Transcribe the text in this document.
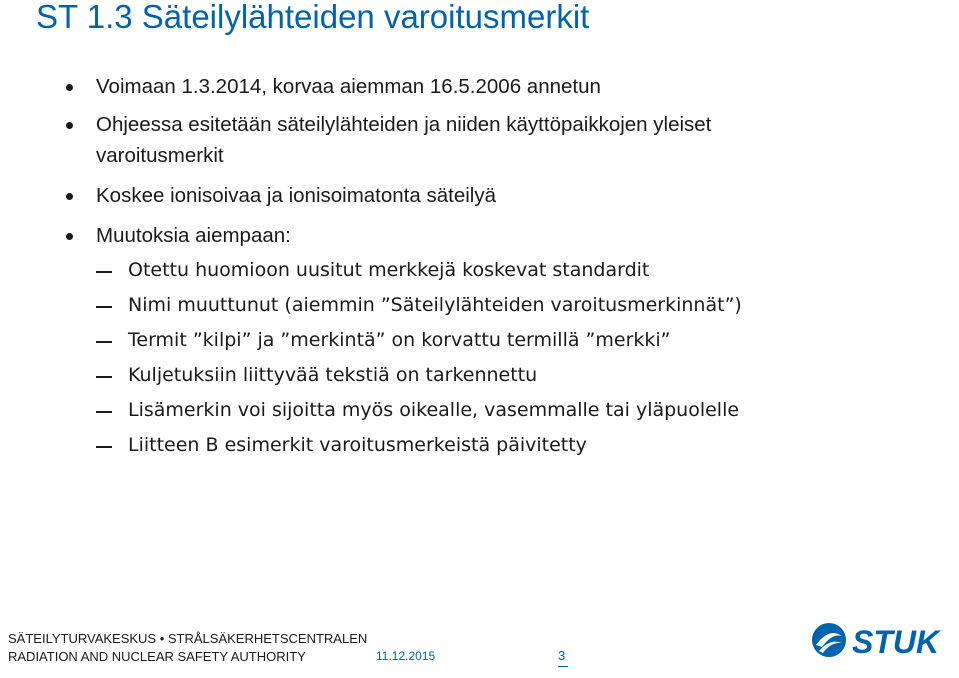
ST 1.3 Säteilylähteiden varoitusmerkit
Voimaan 1.3.2014, korvaa aiemman 16.5.2006 annetun
Ohjeessa esitetään säteilylähteiden ja niiden käyttöpaikkojen yleiset
varoitusmerkit
Koskee ionisoivaa ja ionisoimatonta säteilyä
Muutoksia aiempaan:
Otettu huomioon uusitut merkkejä koskevat standardit
Nimi muuttunut (aiemmin ”Säteilylähteiden varoitusmerkinnät”)
Termit ”kilpi” ja ”merkintä” on korvattu termillä ”merkki”
Kuljetuksiin liittyvää tekstiä on tarkennettu
Lisämerkin voi sijoitta myös oikealle, vasemmalle tai yläpuolelle
Liitteen B esimerkit varoitusmerkeistä päivitetty
SÄTEILYTURVAKESKUS • STRÅLSÄKERHETSCENTRALEN
RADIATION AND NUCLEAR SAFETY AUTHORITY	11.12.2015	3	STUK
